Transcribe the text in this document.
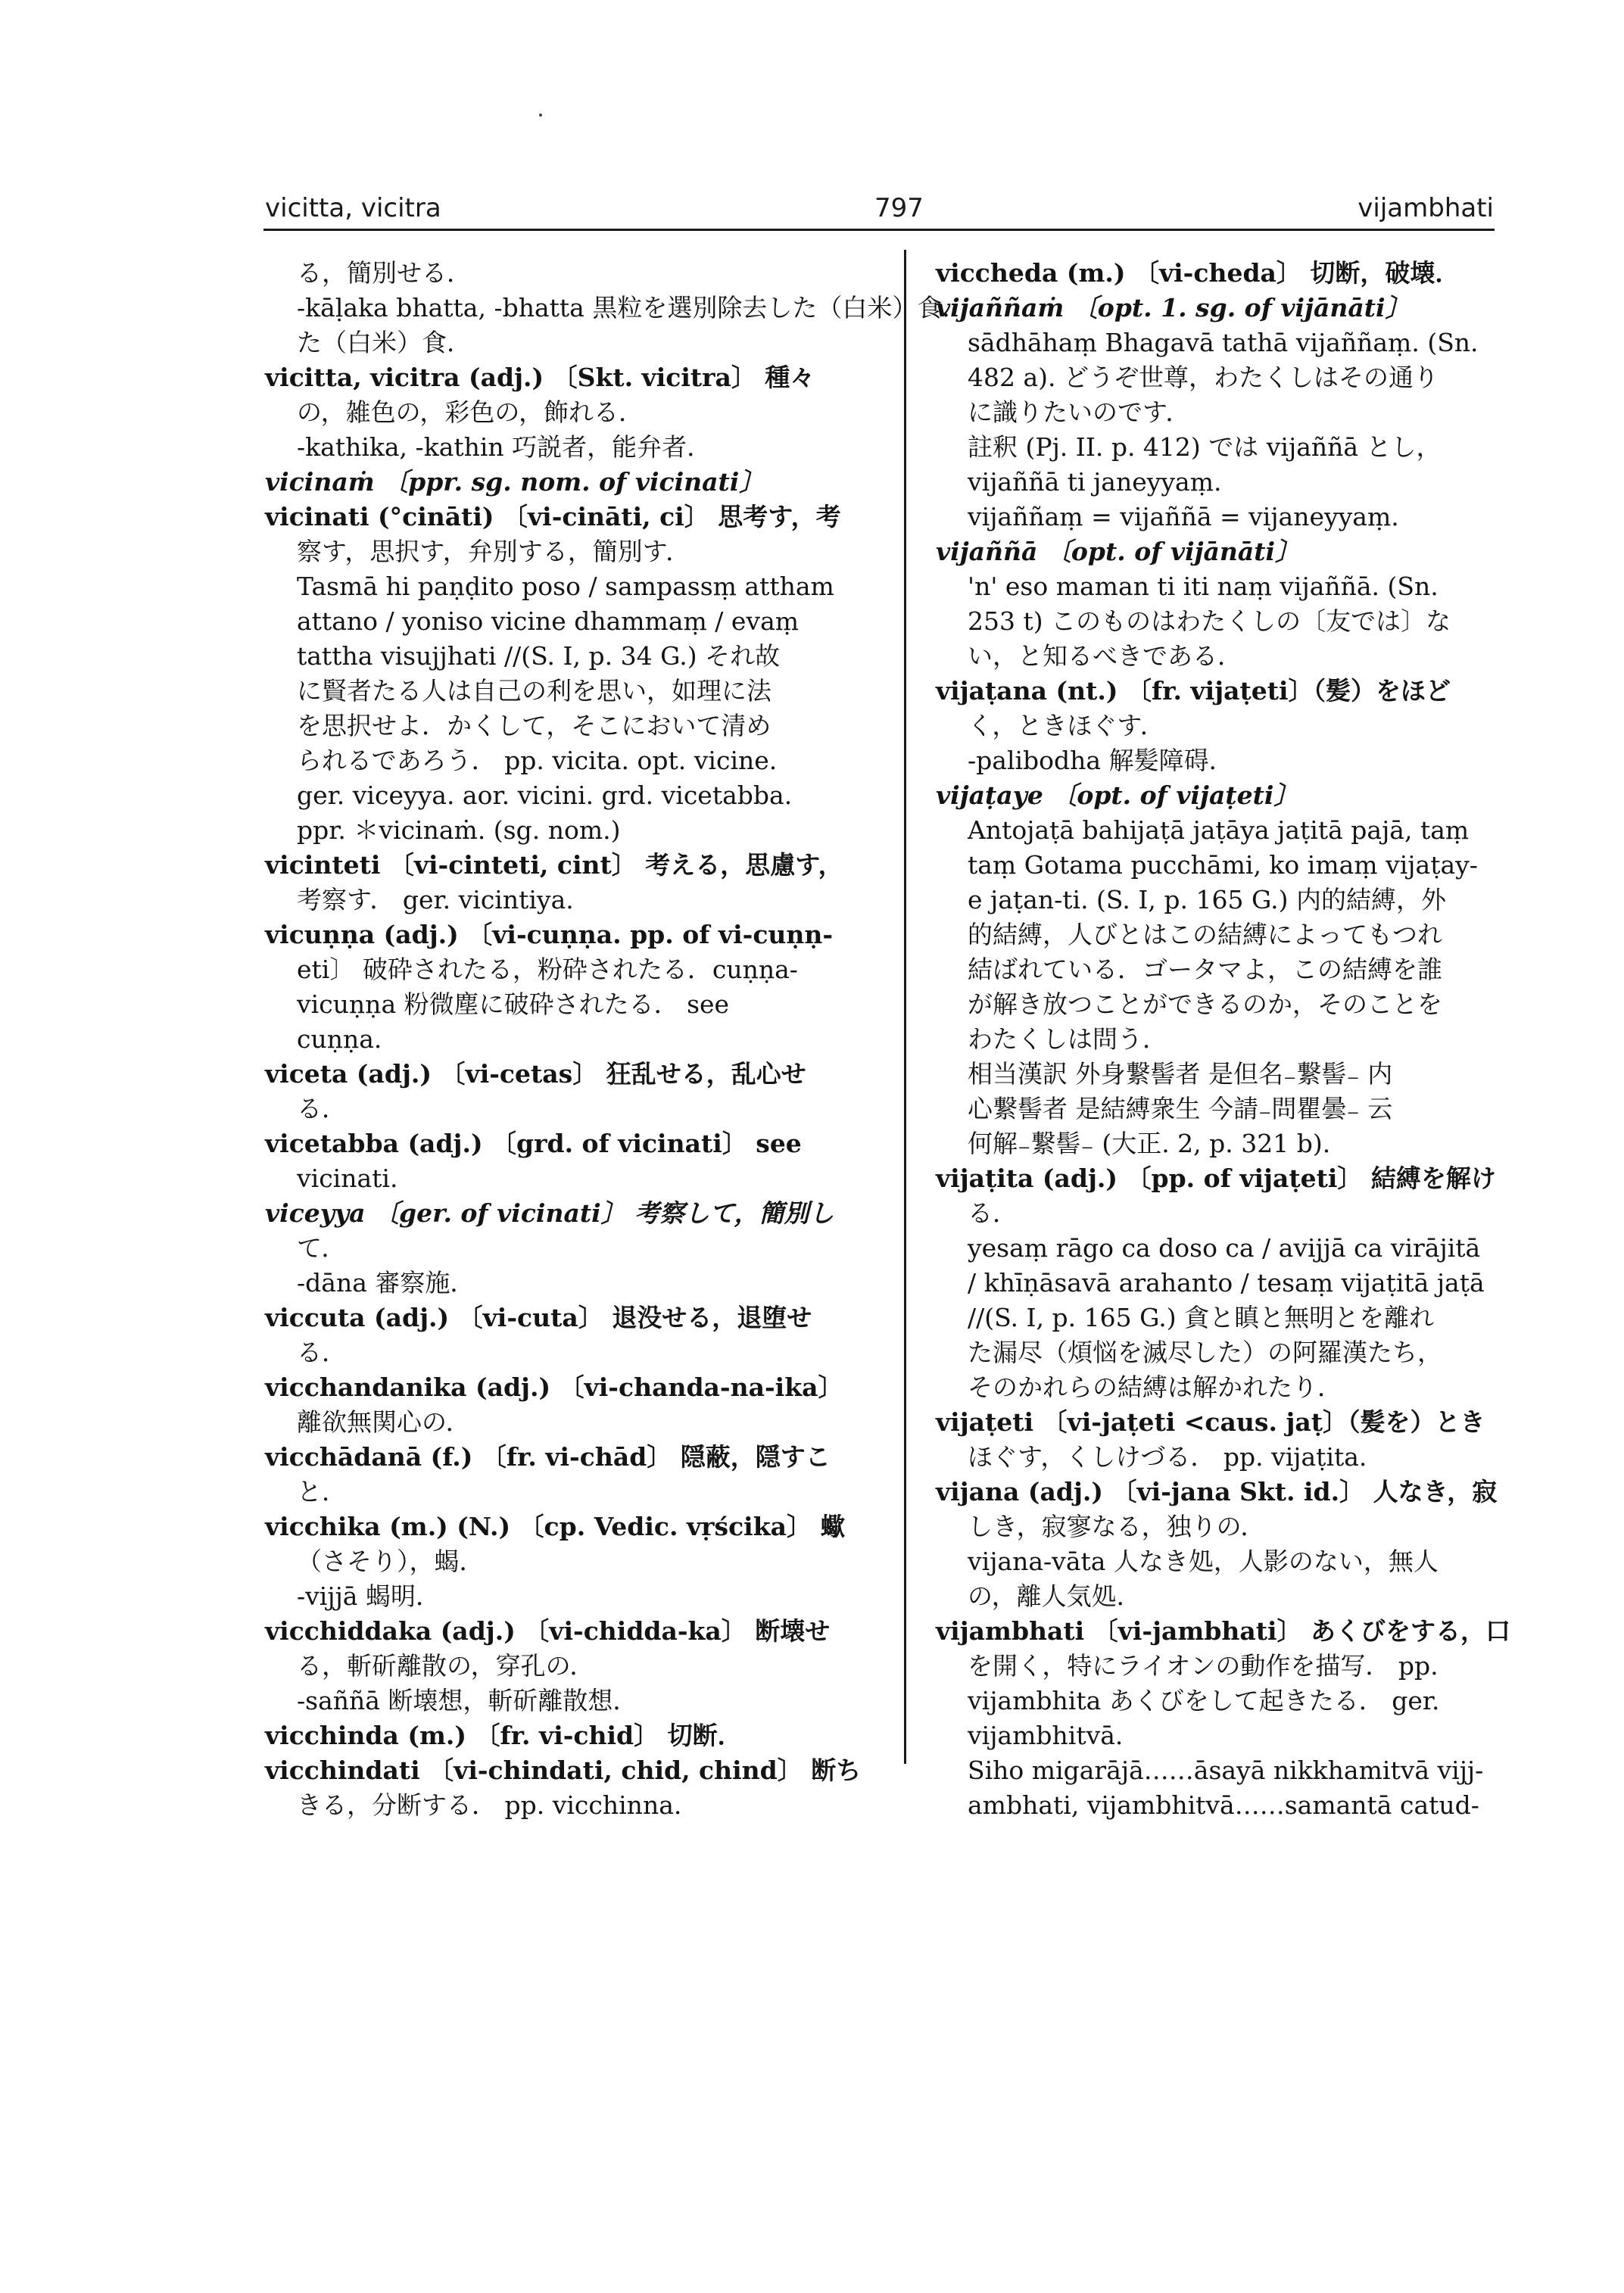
vicitta, vicitra	797	vijambhati
る，簡別せる．
-kāḷaka bhatta, -bhatta 黒粒を選別除去した（白米）食．
た（白米）食．
vicitta, vicitra (adj.) 〔Skt. vicitra〕 種々
の，雑色の，彩色の，飾れる．
-kathika, -kathin 巧説者，能弁者．
vicinaṁ 〔ppr. sg. nom. of vicinati〕
vicinati (°cināti) 〔vi-cināti, ci〕 思考す，考
察す，思択す，弁別する，簡別す．
Tasmā hi paṇḍito poso / sampassṃ attham
attano / yoniso vicine dhammaṃ / evaṃ
tattha visujjhati //(S. I, p. 34 G.) それ故
に賢者たる人は自己の利を思い，如理に法
を思択せよ．かくして，そこにおいて清め
られるであろう． pp. vicita. opt. vicine.
ger. viceyya. aor. vicini. grd. vicetabba.
ppr. ＊vicinaṁ. (sg. nom.)
vicinteti 〔vi-cinteti, cint〕 考える，思慮す，
考察す． ger. vicintiya.
vicuṇṇa (adj.) 〔vi-cuṇṇa. pp. of vi-cuṇṇ-
eti〕 破砕されたる，粉砕されたる．cuṇṇa-
vicuṇṇa 粉微塵に破砕されたる． see
cuṇṇa.
viceta (adj.) 〔vi-cetas〕 狂乱せる，乱心せ
る．
vicetabba (adj.) 〔grd. of vicinati〕 see
vicinati.
viceyya 〔ger. of vicinati〕 考察して，簡別し
て．
-dāna 審察施．
viccuta (adj.) 〔vi-cuta〕 退没せる，退堕せ
る．
vicchandanika (adj.) 〔vi-chanda-na-ika〕
離欲無関心の．
vicchādanā (f.) 〔fr. vi-chād〕 隠蔽，隠すこ
と．
vicchika (m.) (N.) 〔cp. Vedic. vṛścika〕 蠍
（さそり），蝎．
-vijjā 蝎明．
vicchiddaka (adj.) 〔vi-chidda-ka〕 断壊せ
る，斬斫離散の，穿孔の．
-saññā 断壊想，斬斫離散想．
vicchinda (m.) 〔fr. vi-chid〕 切断．
vicchindati 〔vi-chindati, chid, chind〕 断ち
きる，分断する． pp. vicchinna.
viccheda (m.) 〔vi-cheda〕 切断，破壊．
vijaññaṁ 〔opt. 1. sg. of vijānāti〕
sādhāhaṃ Bhagavā tathā vijaññaṃ. (Sn.
482 a). どうぞ世尊，わたくしはその通り
に識りたいのです．
註釈 (Pj. II. p. 412) では vijaññā とし，
vijaññā ti janeyyaṃ.
vijaññaṃ = vijaññā = vijaneyyaṃ.
vijaññā 〔opt. of vijānāti〕
'n' eso maman ti iti naṃ vijaññā. (Sn.
253 t) このものはわたくしの〔友では〕な
い，と知るべきである．
vijaṭana (nt.) 〔fr. vijaṭeti〕（髪）をほど
く，ときほぐす．
-palibodha 解髪障碍．
vijaṭaye 〔opt. of vijaṭeti〕
Antojaṭā bahijaṭā jaṭāya jaṭitā pajā, taṃ
taṃ Gotama pucchāmi, ko imaṃ vijaṭay-
e jaṭan-ti. (S. I, p. 165 G.) 内的結縛，外
的結縛，人びとはこの結縛によってもつれ
結ばれている．ゴータマよ，この結縛を誰
が解き放つことができるのか，そのことを
わたくしは問う．
相当漢訳 外身繋髻者 是但名₋繋髻₋ 内
心繋髻者 是結縛衆生 今請₋問瞿曇₋ 云
何解₋繋髻₋ (大正. 2, p. 321 b).
vijaṭita (adj.) 〔pp. of vijaṭeti〕 結縛を解け
る．
yesaṃ rāgo ca doso ca / avijjā ca virājitā
/ khīṇāsavā arahanto / tesaṃ vijaṭitā jaṭā
//(S. I, p. 165 G.) 貪と瞋と無明とを離れ
た漏尽（煩悩を滅尽した）の阿羅漢たち，
そのかれらの結縛は解かれたり．
vijaṭeti 〔vi-jaṭeti <caus. jaṭ〕（髪を）とき
ほぐす，くしけづる． pp. vijaṭita.
vijana (adj.) 〔vi-jana Skt. id.〕 人なき，寂
しき，寂寥なる，独りの．
vijana-vāta 人なき処，人影のない，無人
の，離人気処．
vijambhati 〔vi-jambhati〕 あくびをする，口
を開く，特にライオンの動作を描写． pp.
vijambhita あくびをして起きたる． ger.
vijambhitvā.
Siho migarājā……āsayā nikkhamitvā vijj-
ambhati, vijambhitvā……samantā catud-
